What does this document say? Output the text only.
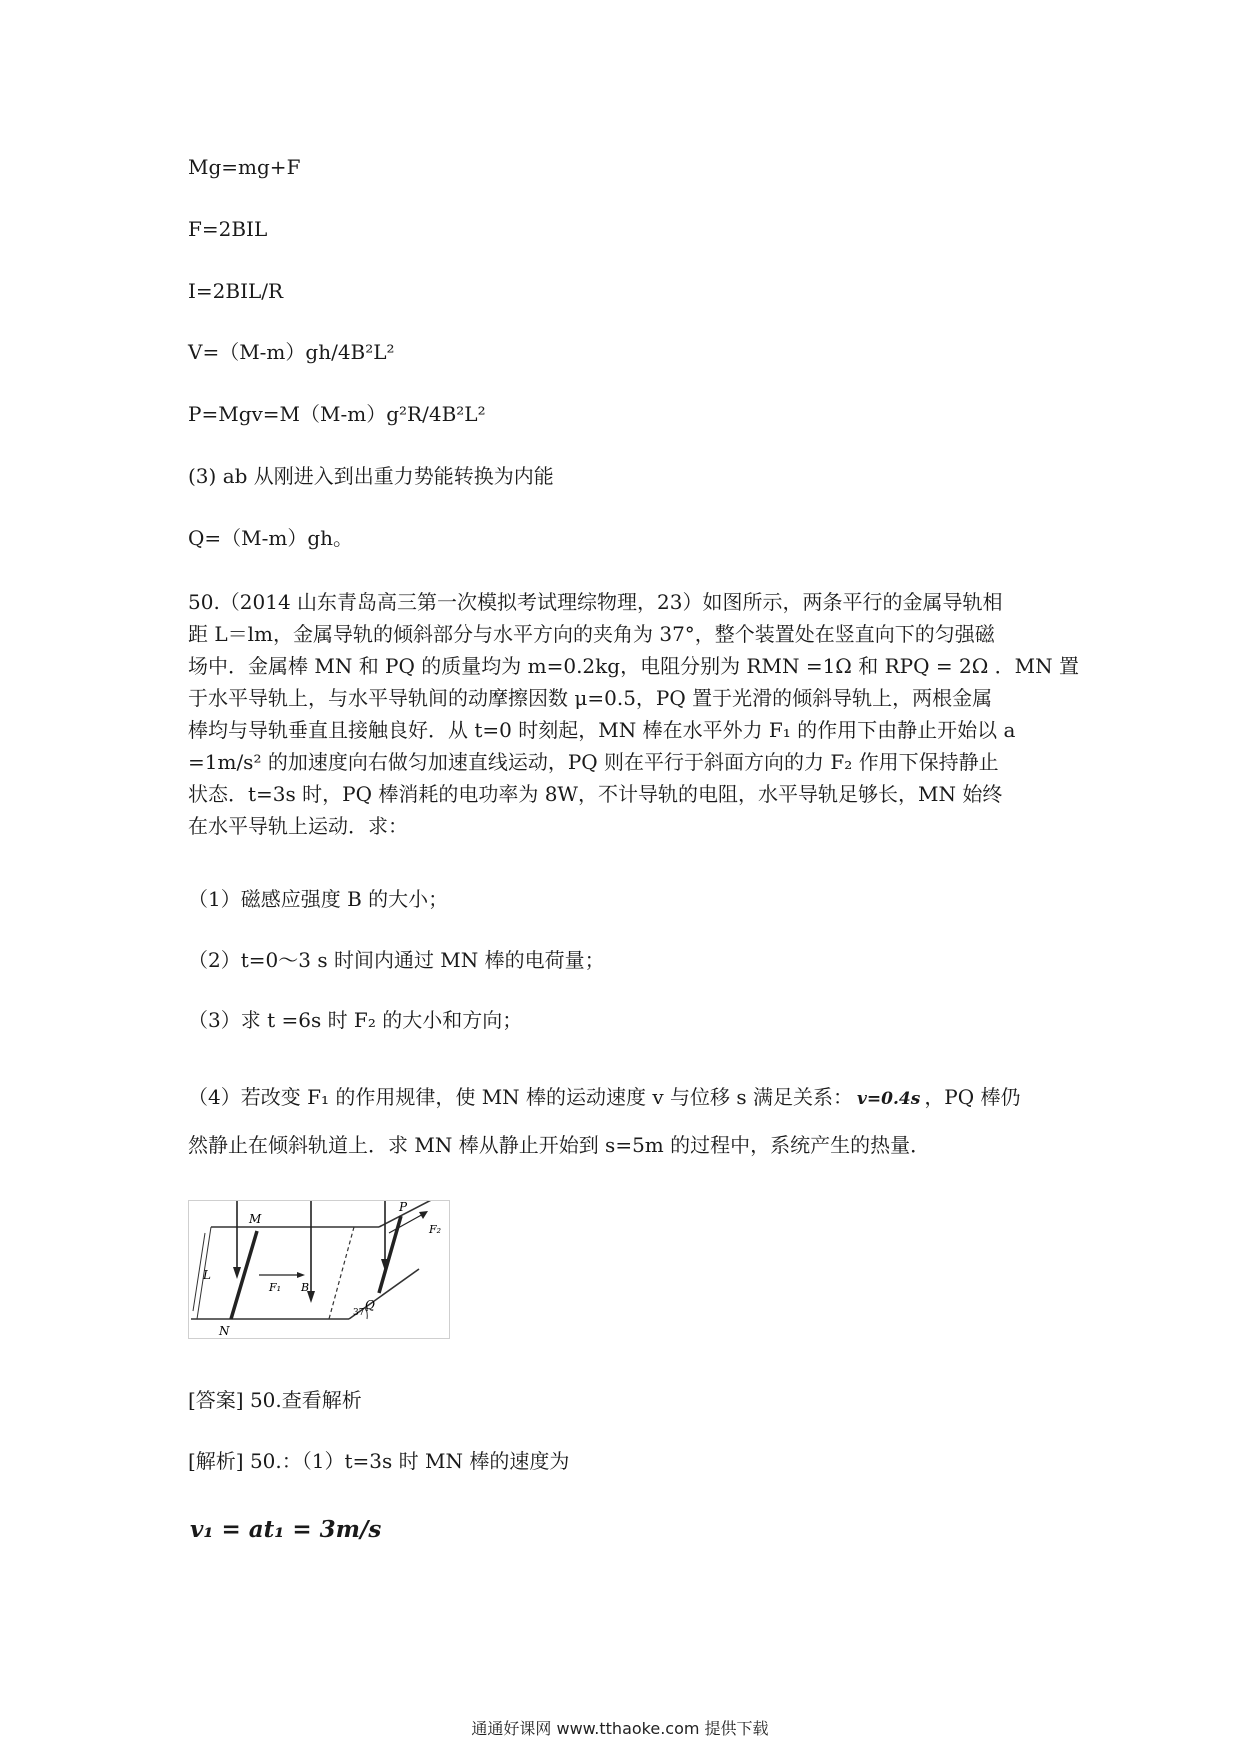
Mg=mg+F
F=2BIL
I=2BIL/R
V=（M-m）gh/4B²L²
P=Mgv=M（M-m）g²R/4B²L²
(3) ab 从刚进入到出重力势能转换为内能
Q=（M-m）gh。
50.（2014 山东青岛高三第一次模拟考试理综物理，23）如图所示，两条平行的金属导轨相
距 L＝lm，金属导轨的倾斜部分与水平方向的夹角为 37°，整个装置处在竖直向下的匀强磁
场中．金属棒 MN 和 PQ 的质量均为 m=0.2kg，电阻分别为 RMN =1Ω 和 RPQ = 2Ω ．MN 置
于水平导轨上，与水平导轨间的动摩擦因数 μ=0.5，PQ 置于光滑的倾斜导轨上，两根金属
棒均与导轨垂直且接触良好．从 t=0 时刻起，MN 棒在水平外力 F₁ 的作用下由静止开始以 a
=1m/s² 的加速度向右做匀加速直线运动，PQ 则在平行于斜面方向的力 F₂ 作用下保持静止
状态．t=3s 时，PQ 棒消耗的电功率为 8W，不计导轨的电阻，水平导轨足够长，MN 始终
在水平导轨上运动．求：
（1）磁感应强度 B 的大小；
（2）t=0～3 s 时间内通过 MN 棒的电荷量；
（3）求 t =6s 时 F₂ 的大小和方向；
（4）若改变 F₁ 的作用规律，使 MN 棒的运动速度 v 与位移 s 满足关系： v=0.4s ，PQ 棒仍
然静止在倾斜轨道上．求 MN 棒从静止开始到 s=5m 的过程中，系统产生的热量．
M
N
P
Q
L
F₁ B
F₂
37°
[答案] 50.查看解析
[解析] 50.：（1）t=3s 时 MN 棒的速度为
v₁ = at₁ = 3m/s
通通好课网 www.tthaoke.com 提供下载
